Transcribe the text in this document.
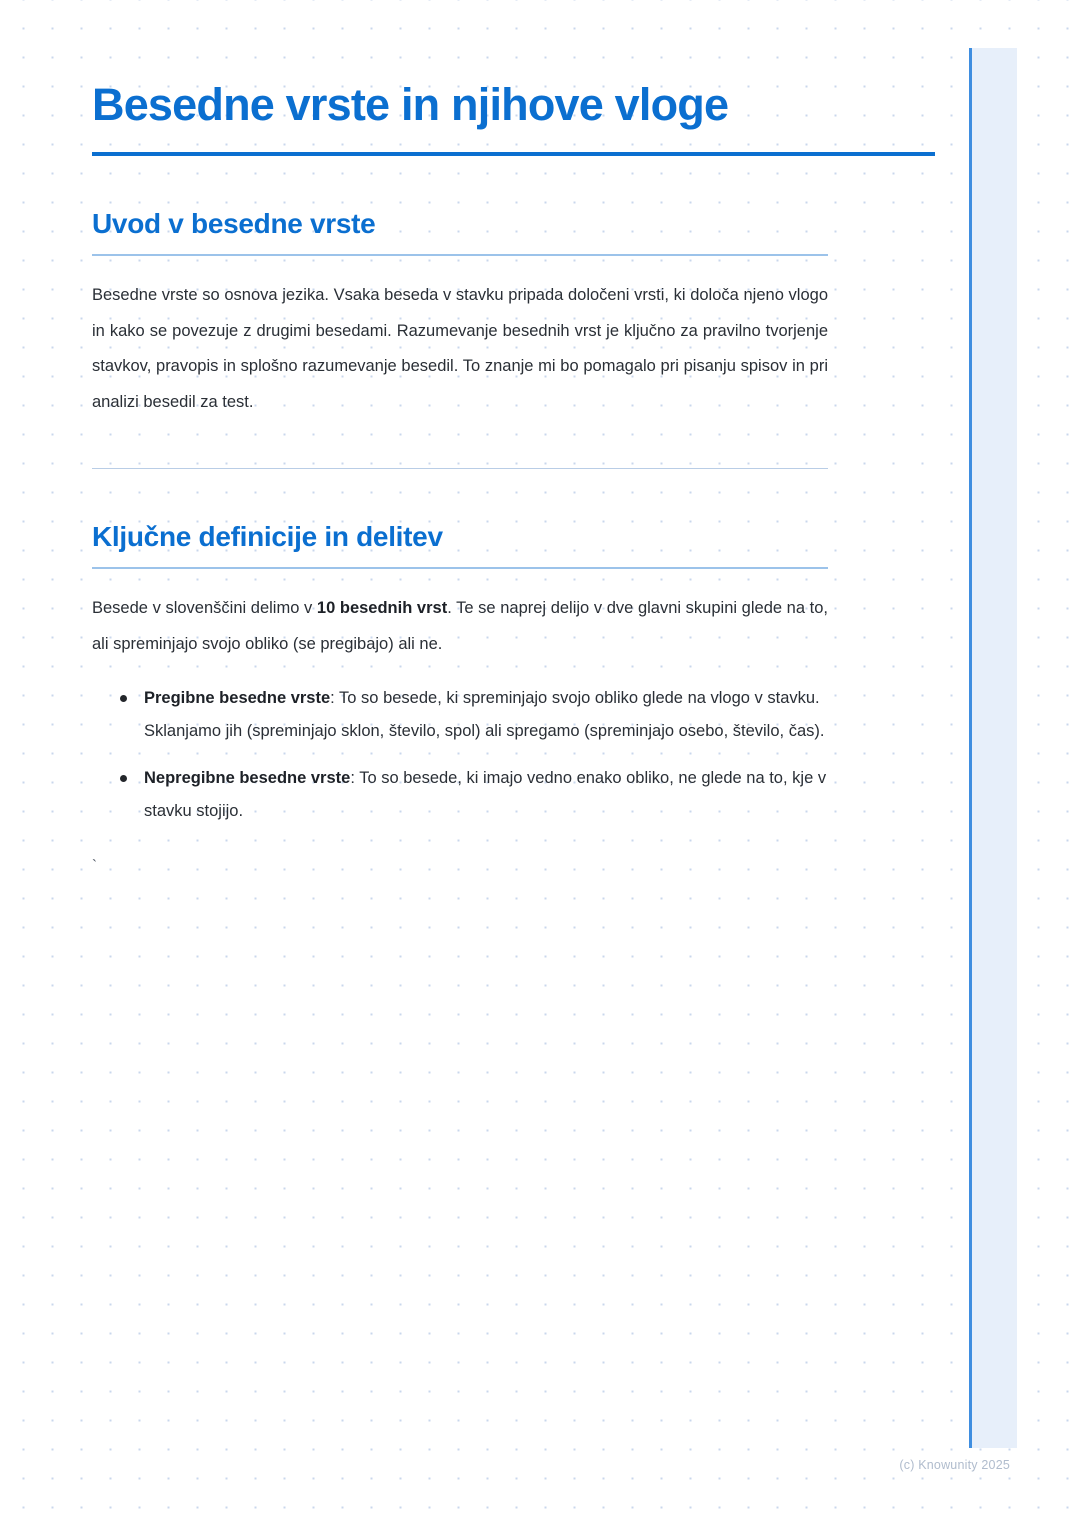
Besedne vrste in njihove vloge
Uvod v besedne vrste

Besedne vrste so osnova jezika. Vsaka beseda v stavku pripada določeni vrsti, ki določa njeno vlogo in kako se povezuje z drugimi besedami. Razumevanje besednih vrst je ključno za pravilno tvorjenje stavkov, pravopis in splošno razumevanje besedil. To znanje mi bo pomagalo pri pisanju spisov in pri analizi besedil za test.

Ključne definicije in delitev

Besede v slovenščini delimo v 10 besednih vrst. Te se naprej delijo v dve glavni skupini glede na to, ali spreminjajo svojo obliko (se pregibajo) ali ne.

Pregibne besedne vrste: To so besede, ki spreminjajo svojo obliko glede na vlogo v stavku. Sklanjamo jih (spreminjajo sklon, število, spol) ali spregamo (spreminjajo osebo, število, čas).
Nepregibne besedne vrste: To so besede, ki imajo vedno enako obliko, ne glede na to, kje v stavku stojijo.
`
(c) Knowunity 2025
